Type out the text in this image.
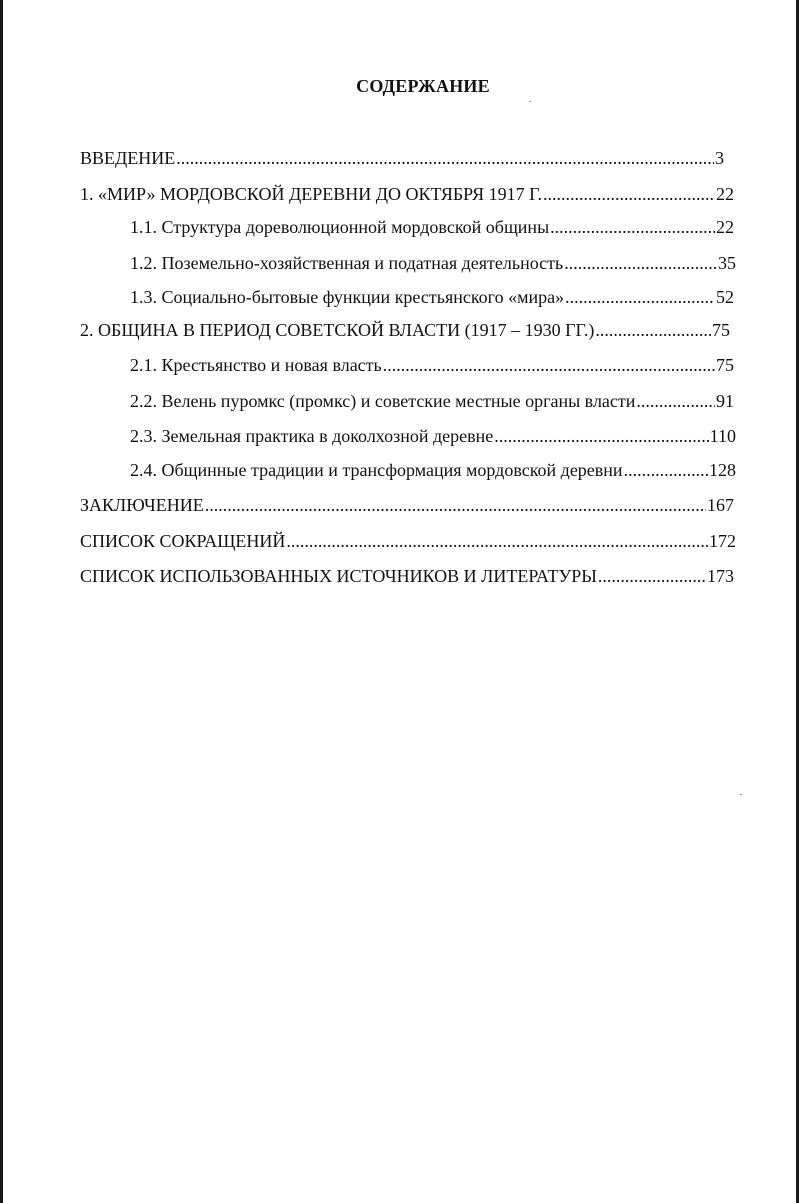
СОДЕРЖАНИЕ
ВВЕДЕНИЕ .....	3
1. «МИР» МОРДОВСКОЙ ДЕРЕВНИ ДО ОКТЯБРЯ 1917 Г. .....	22
1.1. Структура дореволюционной мордовской общины .....	22
1.2. Поземельно-хозяйственная и податная деятельность .....	35
1.3. Социально-бытовые функции крестьянского «мира» .....	52
2. ОБЩИНА В ПЕРИОД СОВЕТСКОЙ ВЛАСТИ (1917 – 1930 ГГ.) .....	75
2.1. Крестьянство и новая власть .....	75
2.2. Велень пуромкс (промкс) и советские местные органы власти .....	91
2.3. Земельная практика в доколхозной деревне .....	110
2.4. Общинные традиции и трансформация мордовской деревни .....	128
ЗАКЛЮЧЕНИЕ .....	167
СПИСОК СОКРАЩЕНИЙ .....	172
СПИСОК ИСПОЛЬЗОВАННЫХ ИСТОЧНИКОВ И ЛИТЕРАТУРЫ .....	173
